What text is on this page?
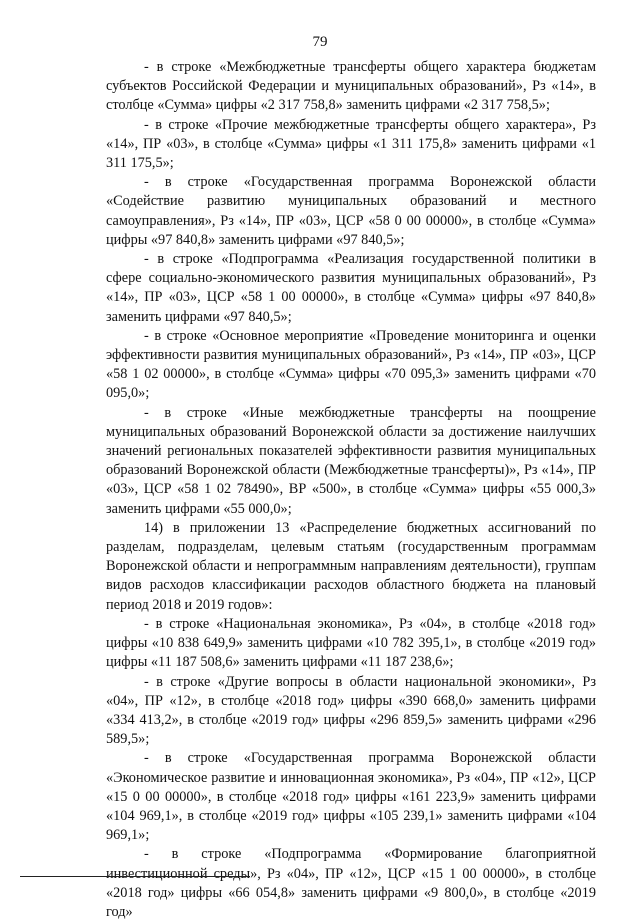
79

- в строке «Межбюджетные трансферты общего характера бюджетам субъектов Российской Федерации и муниципальных образований», Рз «14», в столбце «Сумма» цифры «2 317 758,8» заменить цифрами «2 317 758,5»;

- в строке «Прочие межбюджетные трансферты общего характера», Рз «14», ПР «03», в столбце «Сумма» цифры «1 311 175,8» заменить цифрами «1 311 175,5»;

- в строке «Государственная программа Воронежской области «Содействие развитию муниципальных образований и местного самоуправления», Рз «14», ПР «03», ЦСР «58 0 00 00000», в столбце «Сумма» цифры «97 840,8» заменить цифрами «97 840,5»;

- в строке «Подпрограмма «Реализация государственной политики в сфере социально-экономического развития муниципальных образований», Рз «14», ПР «03», ЦСР «58 1 00 00000», в столбце «Сумма» цифры «97 840,8» заменить цифрами «97 840,5»;

- в строке «Основное мероприятие «Проведение мониторинга и оценки эффективности развития муниципальных образований», Рз «14», ПР «03», ЦСР «58 1 02 00000», в столбце «Сумма» цифры «70 095,3» заменить цифрами «70 095,0»;

- в строке «Иные межбюджетные трансферты на поощрение муниципальных образований Воронежской области за достижение наилучших значений региональных показателей эффективности развития муниципальных образований Воронежской области (Межбюджетные трансферты)», Рз «14», ПР «03», ЦСР «58 1 02 78490», ВР «500», в столбце «Сумма» цифры «55 000,3» заменить цифрами «55 000,0»;

14) в приложении 13 «Распределение бюджетных ассигнований по разделам, подразделам, целевым статьям (государственным программам Воронежской области и непрограммным направлениям деятельности), группам видов расходов классификации расходов областного бюджета на плановый период 2018 и 2019 годов»:

- в строке «Национальная экономика», Рз «04», в столбце «2018 год» цифры «10 838 649,9» заменить цифрами «10 782 395,1», в столбце «2019 год» цифры «11 187 508,6» заменить цифрами «11 187 238,6»;

- в строке «Другие вопросы в области национальной экономики», Рз «04», ПР «12», в столбце «2018 год» цифры «390 668,0» заменить цифрами «334 413,2», в столбце «2019 год» цифры «296 859,5» заменить цифрами «296 589,5»;

- в строке «Государственная программа Воронежской области «Экономическое развитие и инновационная экономика», Рз «04», ПР «12», ЦСР «15 0 00 00000», в столбце «2018 год» цифры «161 223,9» заменить цифрами «104 969,1», в столбце «2019 год» цифры «105 239,1» заменить цифрами «104 969,1»;

- в строке «Подпрограмма «Формирование благоприятной инвестиционной среды», Рз «04», ПР «12», ЦСР «15 1 00 00000», в столбце «2018 год» цифры «66 054,8» заменить цифрами «9 800,0», в столбце «2019 год»
